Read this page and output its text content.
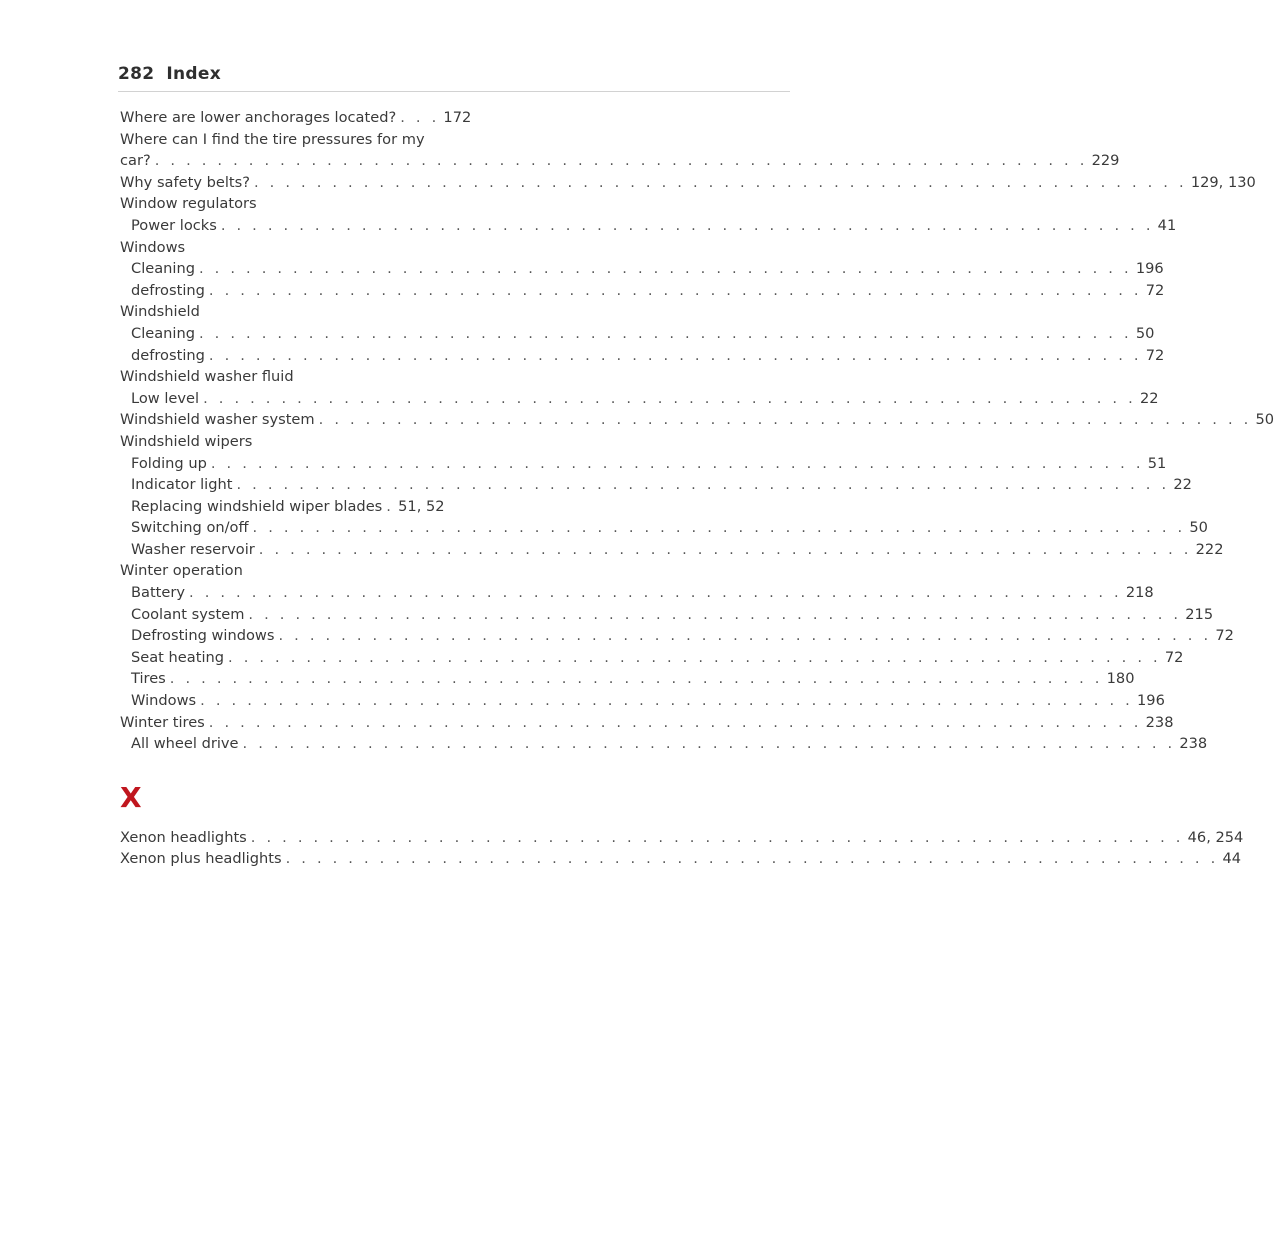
282 Index
Where are lower anchorages located? . . . 172
Where can I find the tire pressures for my
car? . . . . . . . . . . . . . . . . . . . . . . . . . . . . . . . . . . . . . . . . . . . . . . . . . . . . . . . . . . . . 229
Why safety belts? . . . . . . . . . . . . . . . . . . . . . . . . . . . . . . . . . . . . . . . . . . . . . . . . . . . . . . . . . . . . 129, 130
Window regulators
Power locks . . . . . . . . . . . . . . . . . . . . . . . . . . . . . . . . . . . . . . . . . . . . . . . . . . . . . . . . . . . . 41
Windows
Cleaning . . . . . . . . . . . . . . . . . . . . . . . . . . . . . . . . . . . . . . . . . . . . . . . . . . . . . . . . . . . . 196
defrosting . . . . . . . . . . . . . . . . . . . . . . . . . . . . . . . . . . . . . . . . . . . . . . . . . . . . . . . . . . . . 72
Windshield
Cleaning . . . . . . . . . . . . . . . . . . . . . . . . . . . . . . . . . . . . . . . . . . . . . . . . . . . . . . . . . . . . 50
defrosting . . . . . . . . . . . . . . . . . . . . . . . . . . . . . . . . . . . . . . . . . . . . . . . . . . . . . . . . . . . . 72
Windshield washer fluid
Low level . . . . . . . . . . . . . . . . . . . . . . . . . . . . . . . . . . . . . . . . . . . . . . . . . . . . . . . . . . . . 22
Windshield washer system . . . . . . . . . . . . . . . . . . . . . . . . . . . . . . . . . . . . . . . . . . . . . . . . . . . . . . . . . . . . 50
Windshield wipers
Folding up . . . . . . . . . . . . . . . . . . . . . . . . . . . . . . . . . . . . . . . . . . . . . . . . . . . . . . . . . . . . 51
Indicator light . . . . . . . . . . . . . . . . . . . . . . . . . . . . . . . . . . . . . . . . . . . . . . . . . . . . . . . . . . . . 22
Replacing windshield wiper blades . 51, 52
Switching on/off . . . . . . . . . . . . . . . . . . . . . . . . . . . . . . . . . . . . . . . . . . . . . . . . . . . . . . . . . . . . 50
Washer reservoir . . . . . . . . . . . . . . . . . . . . . . . . . . . . . . . . . . . . . . . . . . . . . . . . . . . . . . . . . . . . 222
Winter operation
Battery . . . . . . . . . . . . . . . . . . . . . . . . . . . . . . . . . . . . . . . . . . . . . . . . . . . . . . . . . . . . 218
Coolant system . . . . . . . . . . . . . . . . . . . . . . . . . . . . . . . . . . . . . . . . . . . . . . . . . . . . . . . . . . . . 215
Defrosting windows . . . . . . . . . . . . . . . . . . . . . . . . . . . . . . . . . . . . . . . . . . . . . . . . . . . . . . . . . . . . 72
Seat heating . . . . . . . . . . . . . . . . . . . . . . . . . . . . . . . . . . . . . . . . . . . . . . . . . . . . . . . . . . . . 72
Tires . . . . . . . . . . . . . . . . . . . . . . . . . . . . . . . . . . . . . . . . . . . . . . . . . . . . . . . . . . . . 180
Windows . . . . . . . . . . . . . . . . . . . . . . . . . . . . . . . . . . . . . . . . . . . . . . . . . . . . . . . . . . . . 196
Winter tires . . . . . . . . . . . . . . . . . . . . . . . . . . . . . . . . . . . . . . . . . . . . . . . . . . . . . . . . . . . . 238
All wheel drive . . . . . . . . . . . . . . . . . . . . . . . . . . . . . . . . . . . . . . . . . . . . . . . . . . . . . . . . . . . . 238
X
Xenon headlights . . . . . . . . . . . . . . . . . . . . . . . . . . . . . . . . . . . . . . . . . . . . . . . . . . . . . . . . . . . . 46, 254
Xenon plus headlights . . . . . . . . . . . . . . . . . . . . . . . . . . . . . . . . . . . . . . . . . . . . . . . . . . . . . . . . . . . . 44
